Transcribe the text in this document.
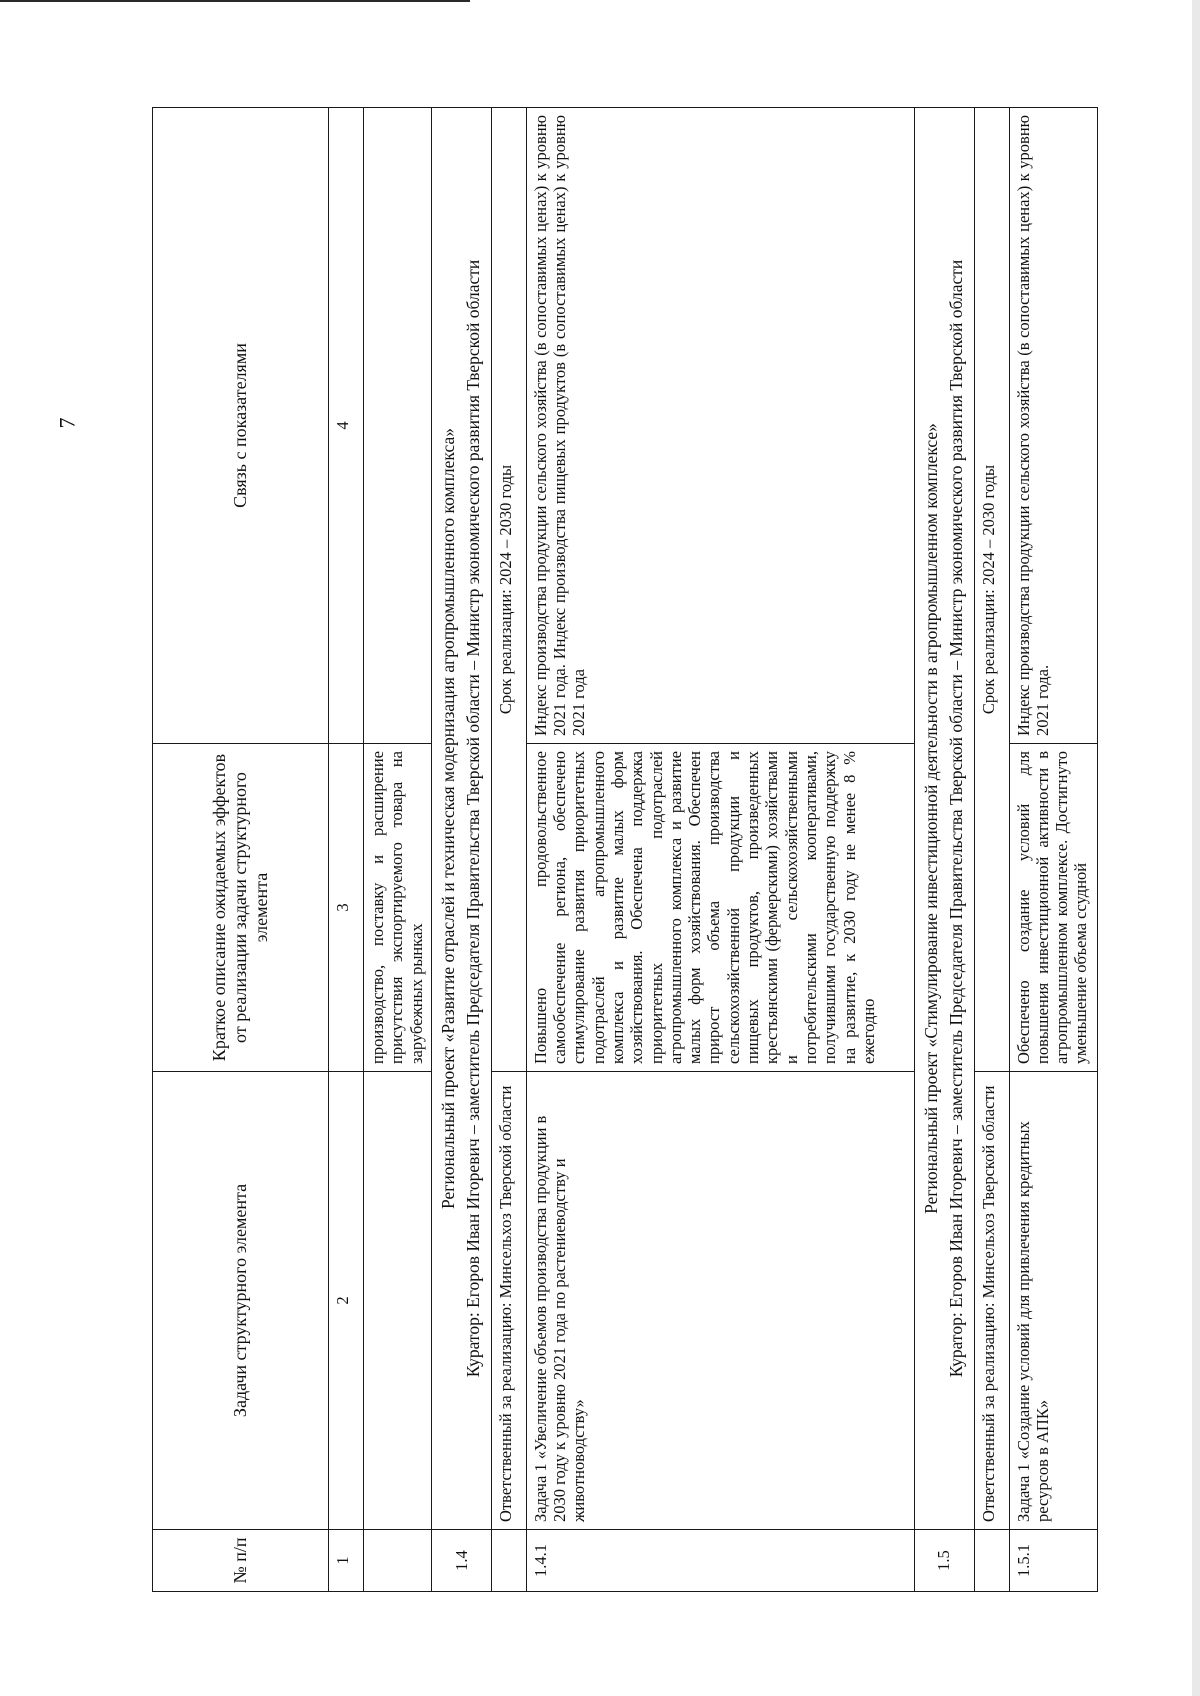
7
№ п/п	Задачи структурного элемента	Краткое описание ожидаемых эффектов от реализации задачи структурного элемента	Связь с показателями
1	2	3	4
		производство, поставку и расширение присутствия экспортируемого товара на зарубежных рынках	
1.4	Региональный проект «Развитие отраслей и техническая модернизация агропромышленного комплекса» Куратор: Егоров Иван Игоревич – заместитель Председателя Правительства Тверской области – Министр экономического развития Тверской области		

	Ответственный за реализацию: Минсельхоз Тверской области	Срок реализации: 2024 – 2030 годы	
1.4.1	Задача 1 «Увеличение объемов производства продукции в 2030 году к уровню 2021 года по растениеводству и животноводству»	Повышено продовольственное самообеспечение региона, обеспечено стимулирование развития приоритетных подотраслей агропромышленного комплекса и развитие малых форм хозяйствования. Обеспечена поддержка приоритетных подотраслей агропромышленного комплекса и развитие малых форм хозяйствования. Обеспечен прирост объема производства сельскохозяйственной продукции и пищевых продуктов, произведенных крестьянскими (фермерскими) хозяйствами и сельскохозяйственными потребительскими кооперативами, получившими государственную поддержку на развитие, к 2030 году не менее 8 % ежегодно	Индекс производства продукции сельского хозяйства (в сопоставимых ценах) к уровню 2021 года. Индекс производства пищевых продуктов (в сопоставимых ценах) к уровню 2021 года
1.5	Региональный проект «Стимулирование инвестиционной деятельности в агропромышленном комплексе» Куратор: Егоров Иван Игоревич – заместитель Председателя Правительства Тверской области – Министр экономического развития Тверской области		

	Ответственный за реализацию: Минсельхоз Тверской области	Срок реализации: 2024 – 2030 годы	
1.5.1	Задача 1 «Создание условий для привлечения кредитных ресурсов в АПК»	Обеспечено создание условий для повышения инвестиционной активности в агропромышленном комплексе. Достигнуто уменьшение объема ссудной	Индекс производства продукции сельского хозяйства (в сопоставимых ценах) к уровню 2021 года.
